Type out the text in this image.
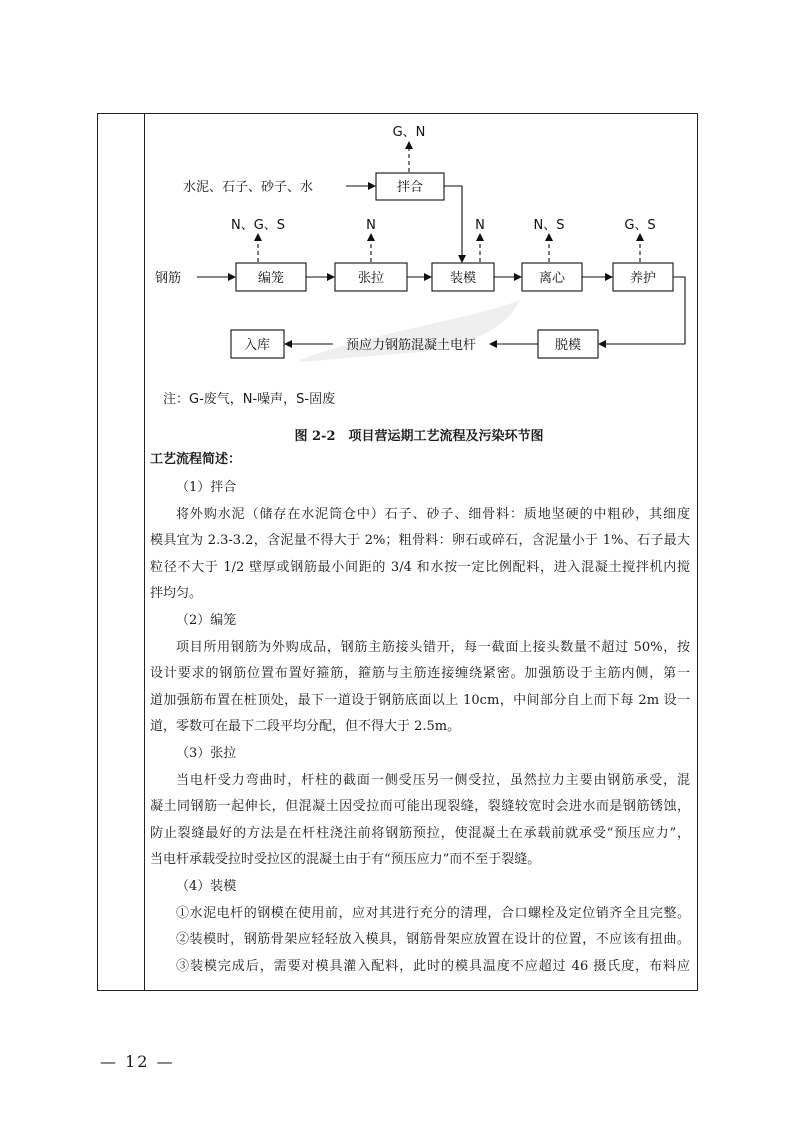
拌合
编笼	张拉	装模	离心	养护
脱模
入库
水泥、石子、砂子、水
钢筋
预应力钢筋混凝土电杆
G、N
N、G、S	N	N	N、S	G、S
注：G-废气，N-噪声，S-固废
图 2-2　项目营运期工艺流程及污染环节图
工艺流程简述：
（1）拌合
将外购水泥（储存在水泥筒仓中）石子、砂子、细骨料：质地坚硬的中粗砂，其细度
模具宜为 2.3-3.2，含泥量不得大于 2%；粗骨料：卵石或碎石，含泥量小于 1%、石子最大
粒径不大于 1/2 壁厚或钢筋最小间距的 3/4 和水按一定比例配料，进入混凝土搅拌机内搅
拌均匀。
（2）编笼
项目所用钢筋为外购成品，钢筋主筋接头错开，每一截面上接头数量不超过 50%，按
设计要求的钢筋位置布置好箍筋，箍筋与主筋连接缠绕紧密。加强筋设于主筋内侧，第一
道加强筋布置在桩顶处，最下一道设于钢筋底面以上 10cm，中间部分自上而下每 2m 设一
道，零数可在最下二段平均分配，但不得大于 2.5m。
（3）张拉
当电杆受力弯曲时，杆柱的截面一侧受压另一侧受拉，虽然拉力主要由钢筋承受，混
凝土同钢筋一起伸长，但混凝土因受拉而可能出现裂缝，裂缝较宽时会进水而是钢筋锈蚀，
防止裂缝最好的方法是在杆柱浇注前将钢筋预拉，使混凝土在承载前就承受“预压应力”，
当电杆承载受拉时受拉区的混凝土由于有“预压应力”而不至于裂缝。
（4）装模
①水泥电杆的钢模在使用前，应对其进行充分的清理，合口螺栓及定位销齐全且完整。
②装模时，钢筋骨架应轻轻放入模具，钢筋骨架应放置在设计的位置，不应该有扭曲。
③装模完成后，需要对模具灌入配料，此时的模具温度不应超过 46 摄氏度，布料应
— 12 —
